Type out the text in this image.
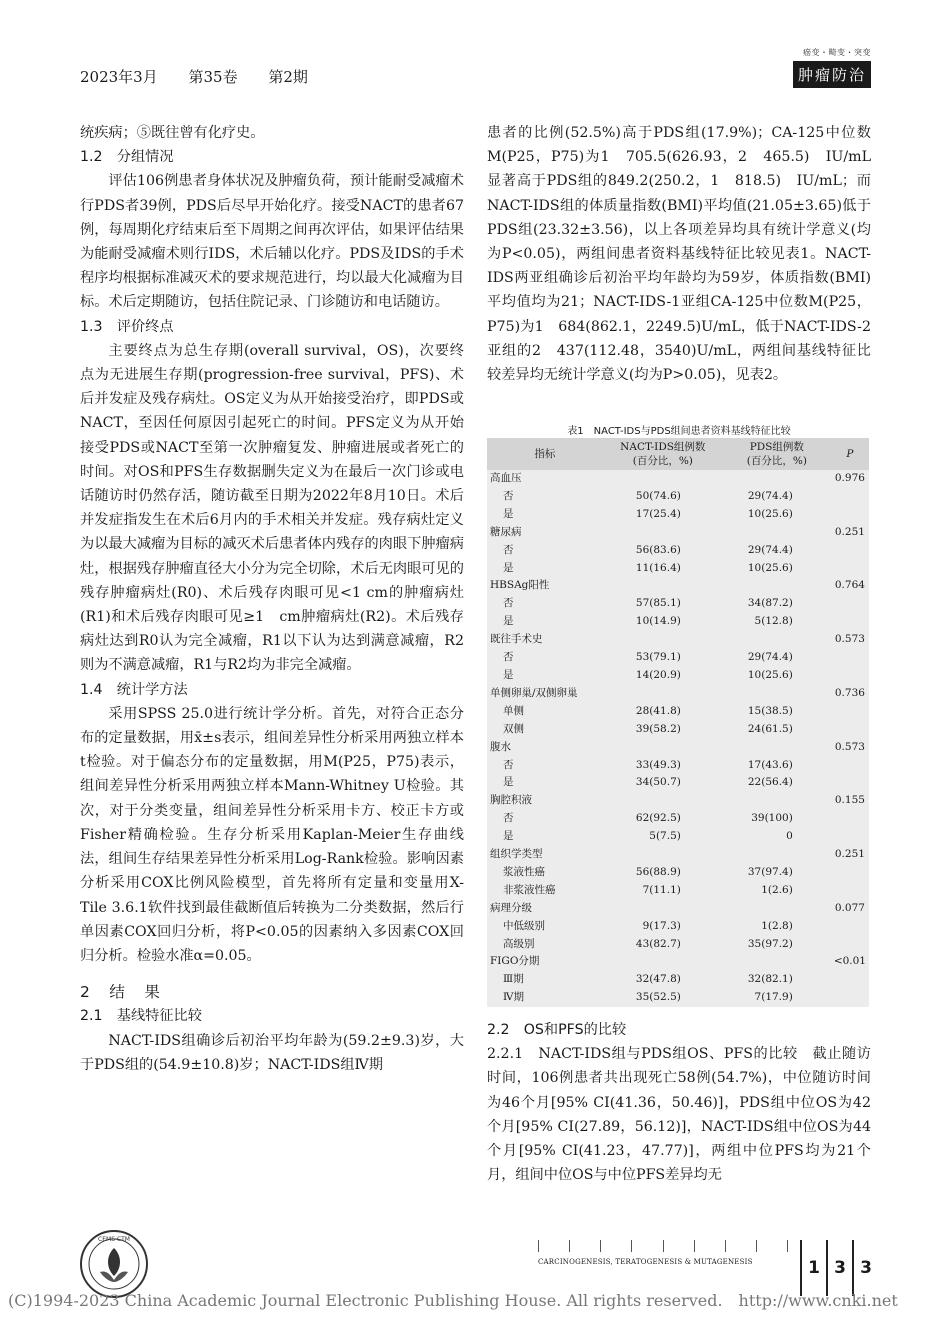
2023年3月 第35卷 第2期
癌变・畸变・突变
肿瘤防治

统疾病；⑤既往曾有化疗史。

1.2　分组情况

评估106例患者身体状况及肿瘤负荷，预计能耐受减瘤术行PDS者39例，PDS后尽早开始化疗。接受NACT的患者67例，每周期化疗结束后至下周期之间再次评估，如果评估结果为能耐受减瘤术则行IDS，术后辅以化疗。PDS及IDS的手术程序均根据标准减灭术的要求规范进行，均以最大化减瘤为目标。术后定期随访，包括住院记录、门诊随访和电话随访。

1.3　评价终点

主要终点为总生存期(overall survival，OS)，次要终点为无进展生存期(progression-free survival，PFS)、术后并发症及残存病灶。OS定义为从开始接受治疗，即PDS或NACT，至因任何原因引起死亡的时间。PFS定义为从开始接受PDS或NACT至第一次肿瘤复发、肿瘤进展或者死亡的时间。对OS和PFS生存数据删失定义为在最后一次门诊或电话随访时仍然存活，随访截至日期为2022年8月10日。术后并发症指发生在术后6月内的手术相关并发症。残存病灶定义为以最大减瘤为目标的减灭术后患者体内残存的肉眼下肿瘤病灶，根据残存肿瘤直径大小分为完全切除，术后无肉眼可见的残存肿瘤病灶(R0)、术后残存肉眼可见<1 cm的肿瘤病灶(R1)和术后残存肉眼可见≥1　cm肿瘤病灶(R2)。术后残存病灶达到R0认为完全减瘤，R1以下认为达到满意减瘤，R2则为不满意减瘤，R1与R2均为非完全减瘤。

1.4　统计学方法

采用SPSS 25.0进行统计学分析。首先，对符合正态分布的定量数据，用x̄±s表示，组间差异性分析采用两独立样本t检验。对于偏态分布的定量数据，用M(P25，P75)表示，组间差异性分析采用两独立样本Mann-Whitney U检验。其次，对于分类变量，组间差异性分析采用卡方、校正卡方或Fisher精确检验。生存分析采用Kaplan-Meier生存曲线法，组间生存结果差异性分析采用Log-Rank检验。影响因素分析采用COX比例风险模型，首先将所有定量和变量用X-Tile 3.6.1软件找到最佳截断值后转换为二分类数据，然后行单因素COX回归分析，将P<0.05的因素纳入多因素COX回归分析。检验水准α=0.05。

2　结　果
2.1　基线特征比较

NACT-IDS组确诊后初治平均年龄为(59.2±9.3)岁，大于PDS组的(54.9±10.8)岁；NACT-IDS组Ⅳ期

患者的比例(52.5%)高于PDS组(17.9%)；CA-125中位数M(P25，P75)为1　705.5(626.93，2　465.5)　IU/mL显著高于PDS组的849.2(250.2，1　818.5)　IU/mL；而NACT-IDS组的体质量指数(BMI)平均值(21.05±3.65)低于PDS组(23.32±3.56)，以上各项差异均具有统计学意义(均为P<0.05)，两组间患者资料基线特征比较见表1。NACT-IDS两亚组确诊后初治平均年龄均为59岁，体质指数(BMI)平均值均为21；NACT-IDS-1亚组CA-125中位数M(P25，P75)为1　684(862.1，2249.5)U/mL，低于NACT-IDS-2亚组的2　437(112.48，3540)U/mL，两组间基线特征比较差异均无统计学意义(均为P>0.05)，见表2。

表1　NACT-IDS与PDS组间患者资料基线特征比较
指标	NACT-IDS组例数
(百分比，%)	PDS组例数
(百分比，%)	P
高血压			0.976
否	50(74.6)	29(74.4)	
是	17(25.4)	10(25.6)	
糖尿病			0.251
否	56(83.6)	29(74.4)	
是	11(16.4)	10(25.6)	
HBSAg阳性			0.764
否	57(85.1)	34(87.2)	
是	10(14.9)	5(12.8)	
既往手术史			0.573
否	53(79.1)	29(74.4)	
是	14(20.9)	10(25.6)	
单侧卵巢/双侧卵巢			0.736
单侧	28(41.8)	15(38.5)	
双侧	39(58.2)	24(61.5)	
腹水			0.573
否	33(49.3)	17(43.6)	
是	34(50.7)	22(56.4)	
胸腔积液			0.155
否	62(92.5)	39(100)	
是	5(7.5)	0	
组织学类型			0.251
浆液性癌	56(88.9)	37(97.4)	
非浆液性癌	7(11.1)	1(2.6)	
病理分级			0.077
中低级别	9(17.3)	1(2.8)	
高级别	43(82.7)	35(97.2)	
FIGO分期			<0.01
Ⅲ期	32(47.8)	32(82.1)	
Ⅳ期	35(52.5)	7(17.9)	
2.2　OS和PFS的比较

2.2.1　NACT-IDS组与PDS组OS、PFS的比较　截止随访时间，106例患者共出现死亡58例(54.7%)，中位随访时间为46个月[95% CI(41.36，50.46)]，PDS组中位OS为42个月[95% CI(27.89，56.12)]，NACT-IDS组中位OS为44个月[95% CI(41.23，47.77)]，两组中位PFS均为21个月，组间中位OS与中位PFS差异均无

CEMS·CTM
CARCINOGENESIS, TERATOGENESIS & MUTAGENESIS	1 3 3
(C)1994-2023 China Academic Journal Electronic Publishing House. All rights reserved.　http://www.cnki.net
